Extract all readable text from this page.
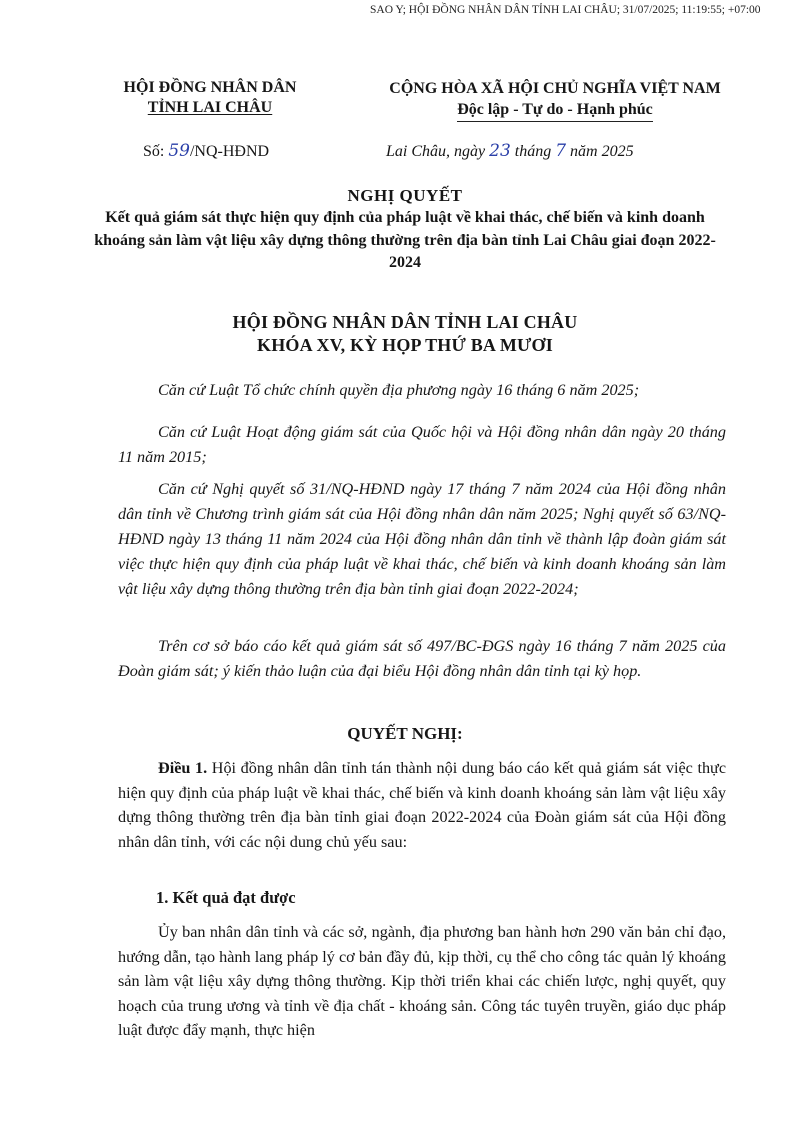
SAO Y; HỘI ĐỒNG NHÂN DÂN TỈNH LAI CHÂU; 31/07/2025; 11:19:55; +07:00
HỘI ĐỒNG NHÂN DÂN
TỈNH LAI CHÂU
CỘNG HÒA XÃ HỘI CHỦ NGHĨA VIỆT NAM
Độc lập - Tự do - Hạnh phúc
Số: 59/NQ-HĐND	Lai Châu, ngày 23 tháng 7 năm 2025
NGHỊ QUYẾT
Kết quả giám sát thực hiện quy định của pháp luật về khai thác, chế biến và kinh doanh khoáng sản làm vật liệu xây dựng thông thường trên địa bàn tỉnh Lai Châu giai đoạn 2022-2024
HỘI ĐỒNG NHÂN DÂN TỈNH LAI CHÂU
KHÓA XV, KỲ HỌP THỨ BA MƯƠI
Căn cứ Luật Tổ chức chính quyền địa phương ngày 16 tháng 6 năm 2025;
Căn cứ Luật Hoạt động giám sát của Quốc hội và Hội đồng nhân dân ngày 20 tháng 11 năm 2015;
Căn cứ Nghị quyết số 31/NQ-HĐND ngày 17 tháng 7 năm 2024 của Hội đồng nhân dân tỉnh về Chương trình giám sát của Hội đồng nhân dân năm 2025; Nghị quyết số 63/NQ-HĐND ngày 13 tháng 11 năm 2024 của Hội đồng nhân dân tỉnh về thành lập đoàn giám sát việc thực hiện quy định của pháp luật về khai thác, chế biến và kinh doanh khoáng sản làm vật liệu xây dựng thông thường trên địa bàn tỉnh giai đoạn 2022-2024;
Trên cơ sở báo cáo kết quả giám sát số 497/BC-ĐGS ngày 16 tháng 7 năm 2025 của Đoàn giám sát; ý kiến thảo luận của đại biểu Hội đồng nhân dân tỉnh tại kỳ họp.
QUYẾT NGHỊ:
Điều 1. Hội đồng nhân dân tỉnh tán thành nội dung báo cáo kết quả giám sát việc thực hiện quy định của pháp luật về khai thác, chế biến và kinh doanh khoáng sản làm vật liệu xây dựng thông thường trên địa bàn tỉnh giai đoạn 2022-2024 của Đoàn giám sát của Hội đồng nhân dân tỉnh, với các nội dung chủ yếu sau:
1. Kết quả đạt được
Ủy ban nhân dân tỉnh và các sở, ngành, địa phương ban hành hơn 290 văn bản chỉ đạo, hướng dẫn, tạo hành lang pháp lý cơ bản đầy đủ, kịp thời, cụ thể cho công tác quản lý khoáng sản làm vật liệu xây dựng thông thường. Kịp thời triển khai các chiến lược, nghị quyết, quy hoạch của trung ương và tỉnh về địa chất - khoáng sản. Công tác tuyên truyền, giáo dục pháp luật được đẩy mạnh, thực hiện
